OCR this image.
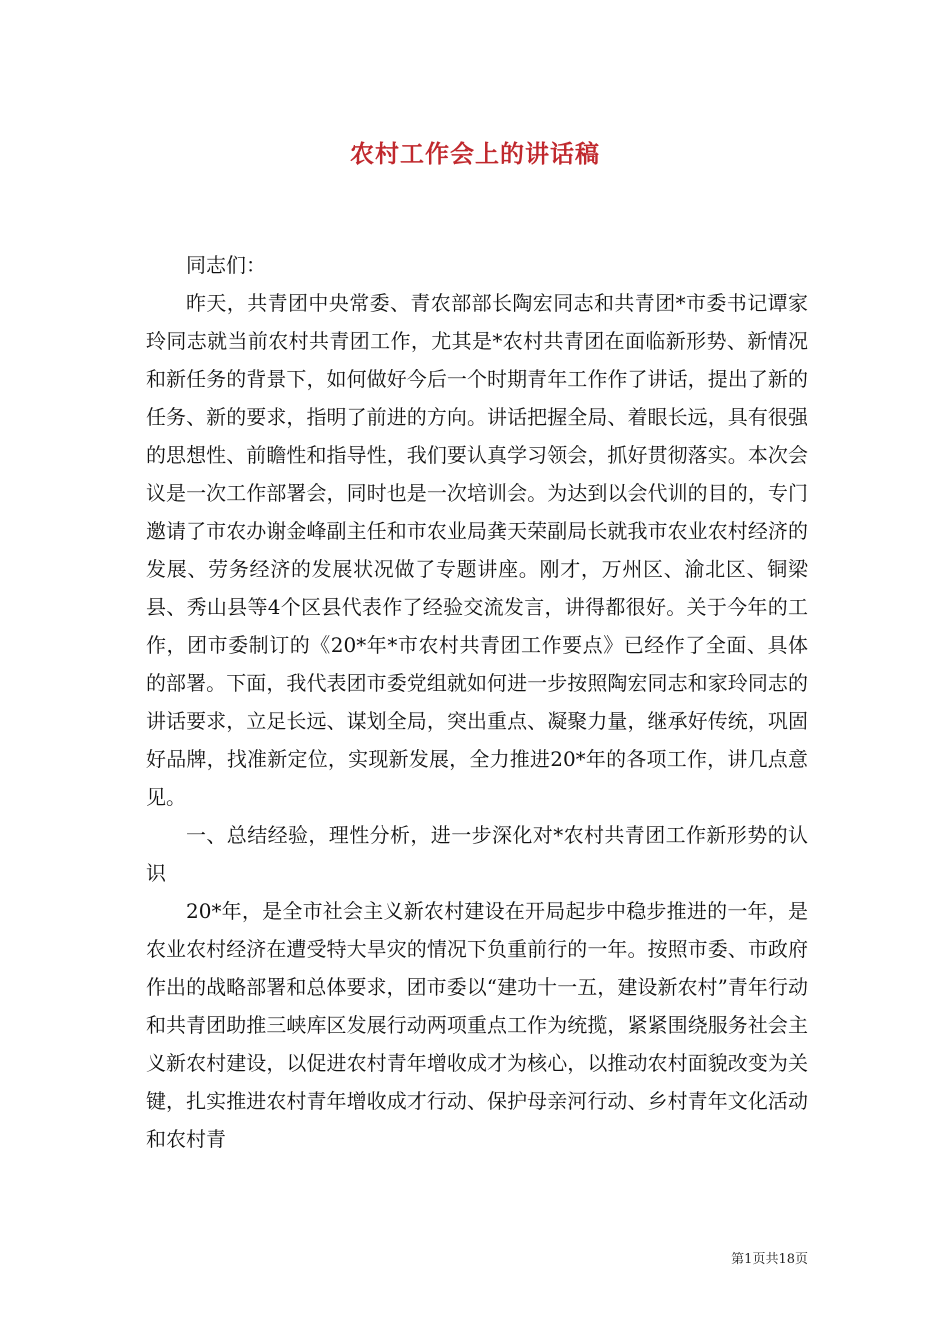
农村工作会上的讲话稿

同志们：

昨天，共青团中央常委、青农部部长陶宏同志和共青团*市委书记谭家玲同志就当前农村共青团工作，尤其是*农村共青团在面临新形势、新情况和新任务的背景下，如何做好今后一个时期青年工作作了讲话，提出了新的任务、新的要求，指明了前进的方向。讲话把握全局、着眼长远，具有很强的思想性、前瞻性和指导性，我们要认真学习领会，抓好贯彻落实。本次会议是一次工作部署会，同时也是一次培训会。为达到以会代训的目的，专门邀请了市农办谢金峰副主任和市农业局龚天荣副局长就我市农业农村经济的发展、劳务经济的发展状况做了专题讲座。刚才，万州区、渝北区、铜梁县、秀山县等4个区县代表作了经验交流发言，讲得都很好。关于今年的工作，团市委制订的《20*年*市农村共青团工作要点》已经作了全面、具体的部署。下面，我代表团市委党组就如何进一步按照陶宏同志和家玲同志的讲话要求，立足长远、谋划全局，突出重点、凝聚力量，继承好传统，巩固好品牌，找准新定位，实现新发展，全力推进20*年的各项工作，讲几点意见。

一、总结经验，理性分析，进一步深化对*农村共青团工作新形势的认识

20*年，是全市社会主义新农村建设在开局起步中稳步推进的一年，是农业农村经济在遭受特大旱灾的情况下负重前行的一年。按照市委、市政府作出的战略部署和总体要求，团市委以“建功十一五，建设新农村”青年行动和共青团助推三峡库区发展行动两项重点工作为统揽，紧紧围绕服务社会主义新农村建设，以促进农村青年增收成才为核心，以推动农村面貌改变为关键，扎实推进农村青年增收成才行动、保护母亲河行动、乡村青年文化活动和农村青

第1页共18页
